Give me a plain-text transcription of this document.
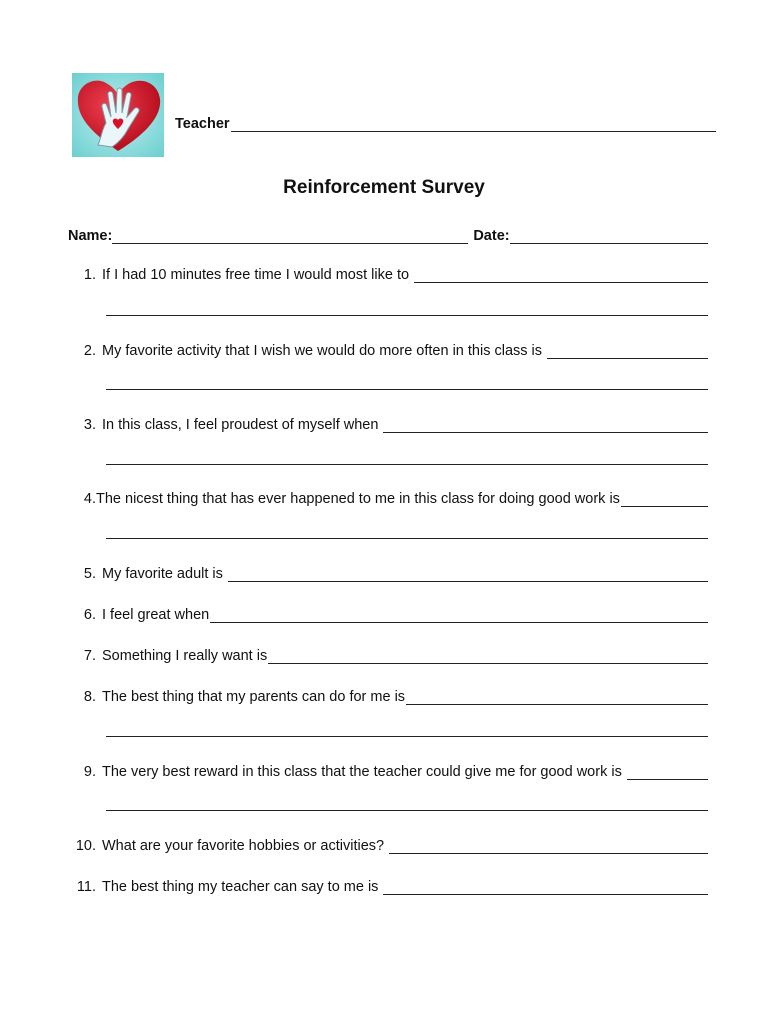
Teacher
Reinforcement Survey
Name:	Date:
1. If I had 10 minutes free time I would most like to
2. My favorite activity that I wish we would do more often in this class is
3. In this class, I feel proudest of myself when
4. The nicest thing that has ever happened to me in this class for doing good work is
5. My favorite adult is
6. I feel great when
7. Something I really want is
8. The best thing that my parents can do for me is
9. The very best reward in this class that the teacher could give me for good work is
10. What are your favorite hobbies or activities?
11. The best thing my teacher can say to me is
